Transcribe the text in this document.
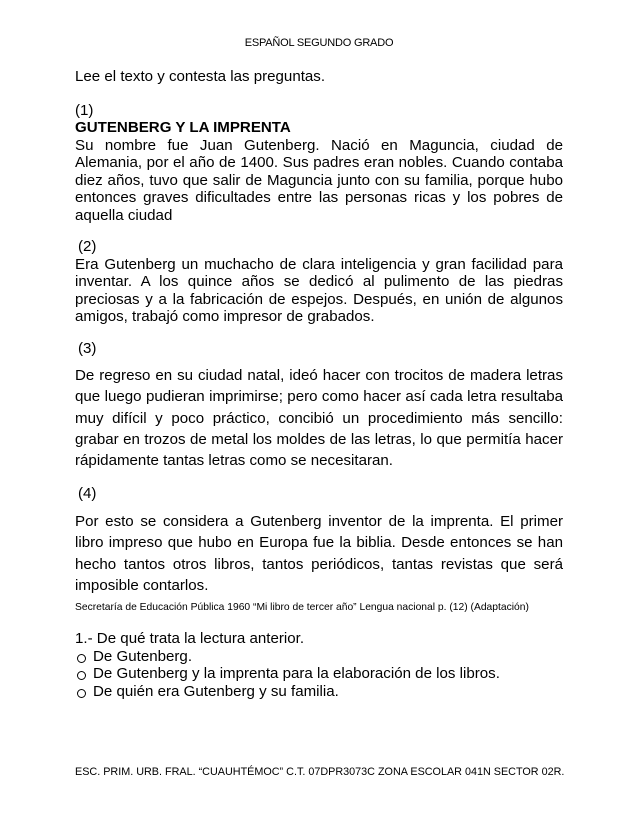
ESPAÑOL SEGUNDO GRADO

Lee el texto y contesta las preguntas.

(1)

GUTENBERG Y LA IMPRENTA

Su nombre fue Juan Gutenberg. Nació en Maguncia, ciudad de Alemania, por el año de 1400. Sus padres eran nobles. Cuando contaba diez años, tuvo que salir de Maguncia junto con su familia, porque hubo entonces graves dificultades entre las personas ricas y los pobres de aquella ciudad

(2)

Era Gutenberg un muchacho de clara inteligencia y gran facilidad para inventar. A los quince años se dedicó al pulimento de las piedras preciosas y a la fabricación de espejos. Después, en unión de algunos amigos, trabajó como impresor de grabados.

(3)

De regreso en su ciudad natal, ideó hacer con trocitos de madera letras que luego pudieran imprimirse; pero como hacer así cada letra resultaba muy difícil y poco práctico, concibió un procedimiento más sencillo: grabar en trozos de metal los moldes de las letras, lo que permitía hacer rápidamente tantas letras como se necesitaran.

(4)

Por esto se considera a Gutenberg inventor de la imprenta. El primer libro impreso que hubo en Europa fue la biblia. Desde entonces se han hecho tantos otros libros, tantos periódicos, tantas revistas que será imposible contarlos.

Secretaría de Educación Pública 1960 “Mi libro de tercer año” Lengua nacional p. (12) (Adaptación)

1.- De qué trata la lectura anterior.

De Gutenberg.
De Gutenberg y la imprenta para la elaboración de los libros.
De quién era Gutenberg y su familia.
ESC. PRIM. URB. FRAL. “CUAUHTÉMOC” C.T. 07DPR3073C ZONA ESCOLAR 041N SECTOR 02R.
